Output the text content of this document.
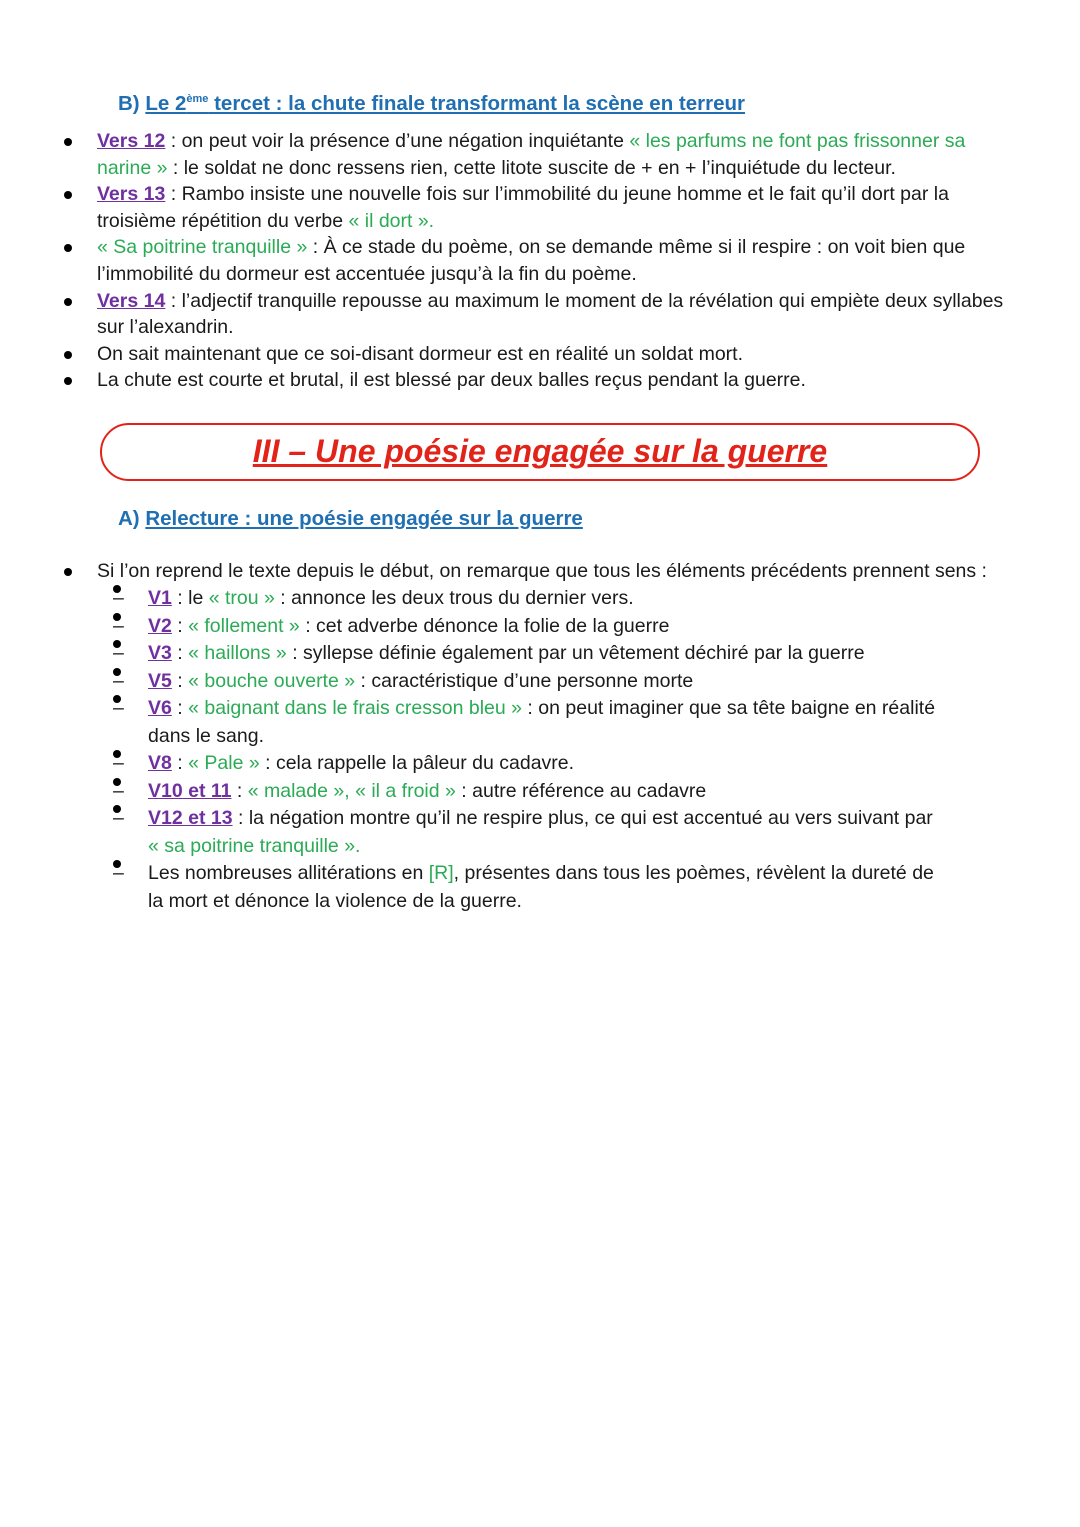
B) Le 2ème tercet : la chute finale transformant la scène en terreur
Vers 12 : on peut voir la présence d’une négation inquiétante « les parfums ne font pas frissonner sa narine » : le soldat ne donc ressens rien, cette litote suscite de + en + l’inquiétude du lecteur.
Vers 13 : Rambo insiste une nouvelle fois sur l’immobilité du jeune homme et le fait qu’il dort par la troisième répétition du verbe « il dort ».
« Sa poitrine tranquille » : À ce stade du poème, on se demande même si il respire : on voit bien que l’immobilité du dormeur est accentuée jusqu’à la fin du poème.
Vers 14 : l’adjectif tranquille repousse au maximum le moment de la révélation qui empiète deux syllabes sur l’alexandrin.
On sait maintenant que ce soi-disant dormeur est en réalité un soldat mort.
La chute est courte et brutal, il est blessé par deux balles reçus pendant la guerre.
III – Une poésie engagée sur la guerre
A) Relecture : une poésie engagée sur la guerre
Si l’on reprend le texte depuis le début, on remarque que tous les éléments précédents prennent sens :
– V1 : le « trou » : annonce les deux trous du dernier vers.
– V2 : « follement » : cet adverbe dénonce la folie de la guerre
– V3 : « haillons » : syllepse définie également par un vêtement déchiré par la guerre
– V5 : « bouche ouverte » : caractéristique d’une personne morte
– V6 : « baignant dans le frais cresson bleu » : on peut imaginer que sa tête baigne en réalité dans le sang.
– V8 : « Pale » : cela rappelle la pâleur du cadavre.
– V10 et 11 : « malade », « il a froid » : autre référence au cadavre
– V12 et 13 : la négation montre qu’il ne respire plus, ce qui est accentué au vers suivant par « sa poitrine tranquille ».
– Les nombreuses allitérations en [R], présentes dans tous les poèmes, révèlent la dureté de la mort et dénonce la violence de la guerre.
